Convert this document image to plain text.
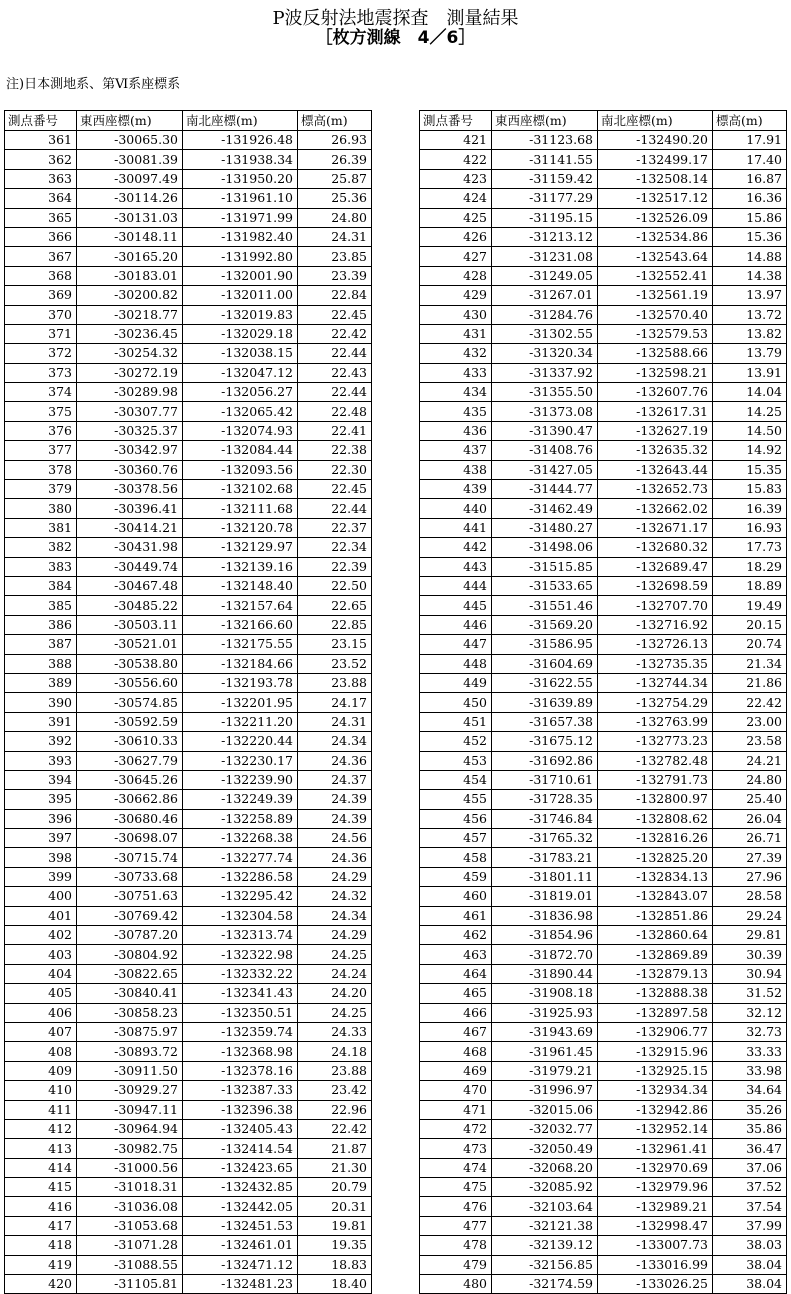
P波反射法地震探査　測量結果
［枚方測線　4／6］
注)日本測地系、第Ⅵ系座標系
測点番号	東西座標(m)	南北座標(m)	標高(m)
361	-30065.30	-131926.48	26.93
362	-30081.39	-131938.34	26.39
363	-30097.49	-131950.20	25.87
364	-30114.26	-131961.10	25.36
365	-30131.03	-131971.99	24.80
366	-30148.11	-131982.40	24.31
367	-30165.20	-131992.80	23.85
368	-30183.01	-132001.90	23.39
369	-30200.82	-132011.00	22.84
370	-30218.77	-132019.83	22.45
371	-30236.45	-132029.18	22.42
372	-30254.32	-132038.15	22.44
373	-30272.19	-132047.12	22.43
374	-30289.98	-132056.27	22.44
375	-30307.77	-132065.42	22.48
376	-30325.37	-132074.93	22.41
377	-30342.97	-132084.44	22.38
378	-30360.76	-132093.56	22.30
379	-30378.56	-132102.68	22.45
380	-30396.41	-132111.68	22.44
381	-30414.21	-132120.78	22.37
382	-30431.98	-132129.97	22.34
383	-30449.74	-132139.16	22.39
384	-30467.48	-132148.40	22.50
385	-30485.22	-132157.64	22.65
386	-30503.11	-132166.60	22.85
387	-30521.01	-132175.55	23.15
388	-30538.80	-132184.66	23.52
389	-30556.60	-132193.78	23.88
390	-30574.85	-132201.95	24.17
391	-30592.59	-132211.20	24.31
392	-30610.33	-132220.44	24.34
393	-30627.79	-132230.17	24.36
394	-30645.26	-132239.90	24.37
395	-30662.86	-132249.39	24.39
396	-30680.46	-132258.89	24.39
397	-30698.07	-132268.38	24.56
398	-30715.74	-132277.74	24.36
399	-30733.68	-132286.58	24.29
400	-30751.63	-132295.42	24.32
401	-30769.42	-132304.58	24.34
402	-30787.20	-132313.74	24.29
403	-30804.92	-132322.98	24.25
404	-30822.65	-132332.22	24.24
405	-30840.41	-132341.43	24.20
406	-30858.23	-132350.51	24.25
407	-30875.97	-132359.74	24.33
408	-30893.72	-132368.98	24.18
409	-30911.50	-132378.16	23.88
410	-30929.27	-132387.33	23.42
411	-30947.11	-132396.38	22.96
412	-30964.94	-132405.43	22.42
413	-30982.75	-132414.54	21.87
414	-31000.56	-132423.65	21.30
415	-31018.31	-132432.85	20.79
416	-31036.08	-132442.05	20.31
417	-31053.68	-132451.53	19.81
418	-31071.28	-132461.01	19.35
419	-31088.55	-132471.12	18.83
420	-31105.81	-132481.23	18.40
測点番号	東西座標(m)	南北座標(m)	標高(m)
421	-31123.68	-132490.20	17.91
422	-31141.55	-132499.17	17.40
423	-31159.42	-132508.14	16.87
424	-31177.29	-132517.12	16.36
425	-31195.15	-132526.09	15.86
426	-31213.12	-132534.86	15.36
427	-31231.08	-132543.64	14.88
428	-31249.05	-132552.41	14.38
429	-31267.01	-132561.19	13.97
430	-31284.76	-132570.40	13.72
431	-31302.55	-132579.53	13.82
432	-31320.34	-132588.66	13.79
433	-31337.92	-132598.21	13.91
434	-31355.50	-132607.76	14.04
435	-31373.08	-132617.31	14.25
436	-31390.47	-132627.19	14.50
437	-31408.76	-132635.32	14.92
438	-31427.05	-132643.44	15.35
439	-31444.77	-132652.73	15.83
440	-31462.49	-132662.02	16.39
441	-31480.27	-132671.17	16.93
442	-31498.06	-132680.32	17.73
443	-31515.85	-132689.47	18.29
444	-31533.65	-132698.59	18.89
445	-31551.46	-132707.70	19.49
446	-31569.20	-132716.92	20.15
447	-31586.95	-132726.13	20.74
448	-31604.69	-132735.35	21.34
449	-31622.55	-132744.34	21.86
450	-31639.89	-132754.29	22.42
451	-31657.38	-132763.99	23.00
452	-31675.12	-132773.23	23.58
453	-31692.86	-132782.48	24.21
454	-31710.61	-132791.73	24.80
455	-31728.35	-132800.97	25.40
456	-31746.84	-132808.62	26.04
457	-31765.32	-132816.26	26.71
458	-31783.21	-132825.20	27.39
459	-31801.11	-132834.13	27.96
460	-31819.01	-132843.07	28.58
461	-31836.98	-132851.86	29.24
462	-31854.96	-132860.64	29.81
463	-31872.70	-132869.89	30.39
464	-31890.44	-132879.13	30.94
465	-31908.18	-132888.38	31.52
466	-31925.93	-132897.58	32.12
467	-31943.69	-132906.77	32.73
468	-31961.45	-132915.96	33.33
469	-31979.21	-132925.15	33.98
470	-31996.97	-132934.34	34.64
471	-32015.06	-132942.86	35.26
472	-32032.77	-132952.14	35.86
473	-32050.49	-132961.41	36.47
474	-32068.20	-132970.69	37.06
475	-32085.92	-132979.96	37.52
476	-32103.64	-132989.21	37.54
477	-32121.38	-132998.47	37.99
478	-32139.12	-133007.73	38.03
479	-32156.85	-133016.99	38.04
480	-32174.59	-133026.25	38.04
